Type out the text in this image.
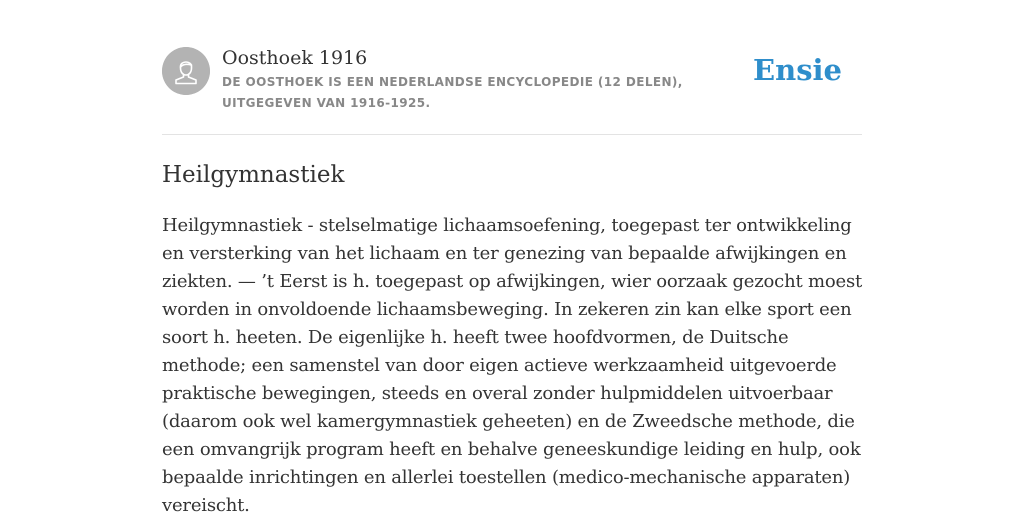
Oosthoek 1916
DE OOSTHOEK IS EEN NEDERLANDSE ENCYCLOPEDIE (12 DELEN), UITGEGEVEN VAN 1916-1925.
Ensie
Heilgymnastiek

Heilgymnastiek - stelselmatige lichaamsoefening, toegepast ter ontwikkeling en versterking van het lichaam en ter genezing van bepaalde afwijkingen en ziekten. — ’t Eerst is h. toegepast op afwijkingen, wier oorzaak gezocht moest worden in onvoldoende lichaamsbeweging. In zekeren zin kan elke sport een soort h. heeten. De eigenlijke h. heeft twee hoofdvormen, de Duitsche methode; een samenstel van door eigen actieve werkzaamheid uitgevoerde praktische bewegingen, steeds en overal zonder hulpmiddelen uitvoerbaar (daarom ook wel kamergymnastiek geheeten) en de Zweedsche methode, die een omvangrijk program heeft en behalve geneeskundige leiding en hulp, ook bepaalde inrichtingen en allerlei toestellen (medico-mechanische apparaten) vereischt.
